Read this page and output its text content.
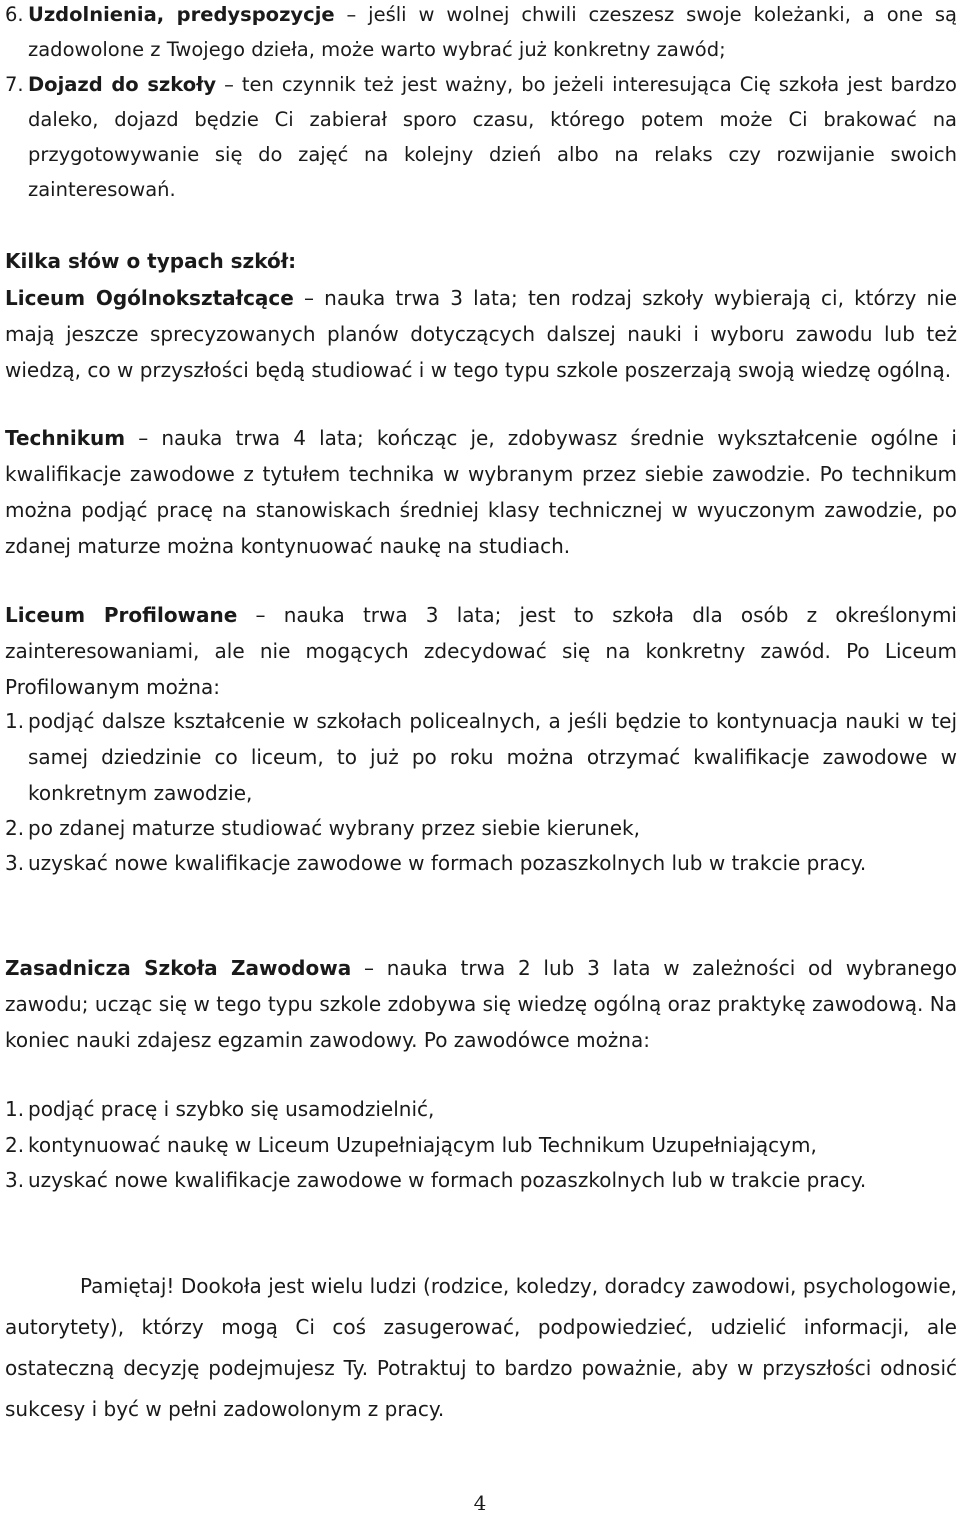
6. Uzdolnienia, predyspozycje – jeśli w wolnej chwili czeszesz swoje koleżanki, a one są zadowolone z Twojego dzieła, może warto wybrać już konkretny zawód;
7. Dojazd do szkoły – ten czynnik też jest ważny, bo jeżeli interesująca Cię szkoła jest bardzo daleko, dojazd będzie Ci zabierał sporo czasu, którego potem może Ci brakować na przygotowywanie się do zajęć na kolejny dzień albo na relaks czy rozwijanie swoich zainteresowań.

Kilka słów o typach szkół:

Liceum Ogólnokształcące – nauka trwa 3 lata; ten rodzaj szkoły wybierają ci, którzy nie mają jeszcze sprecyzowanych planów dotyczących dalszej nauki i wyboru zawodu lub też wiedzą, co w przyszłości będą studiować i w tego typu szkole poszerzają swoją wiedzę ogólną.

Technikum – nauka trwa 4 lata; kończąc je, zdobywasz średnie wykształcenie ogólne i kwalifikacje zawodowe z tytułem technika w wybranym przez siebie zawodzie. Po technikum można podjąć pracę na stanowiskach średniej klasy technicznej w wyuczonym zawodzie, po zdanej maturze można kontynuować naukę na studiach.

Liceum Profilowane – nauka trwa 3 lata; jest to szkoła dla osób z określonymi zainteresowaniami, ale nie mogących zdecydować się na konkretny zawód. Po Liceum Profilowanym można:

1. podjąć dalsze kształcenie w szkołach policealnych, a jeśli będzie to kontynuacja nauki w tej samej dziedzinie co liceum, to już po roku można otrzymać kwalifikacje zawodowe w konkretnym zawodzie,
2. po zdanej maturze studiować wybrany przez siebie kierunek,
3. uzyskać nowe kwalifikacje zawodowe w formach pozaszkolnych lub w trakcie pracy.

Zasadnicza Szkoła Zawodowa – nauka trwa 2 lub 3 lata w zależności od wybranego zawodu; ucząc się w tego typu szkole zdobywa się wiedzę ogólną oraz praktykę zawodową. Na koniec nauki zdajesz egzamin zawodowy. Po zawodówce można:

1. podjąć pracę i szybko się usamodzielnić,
2. kontynuować naukę w Liceum Uzupełniającym lub Technikum Uzupełniającym,
3. uzyskać nowe kwalifikacje zawodowe w formach pozaszkolnych lub w trakcie pracy.

Pamiętaj! Dookoła jest wielu ludzi (rodzice, koledzy, doradcy zawodowi, psychologowie, autorytety), którzy mogą Ci coś zasugerować, podpowiedzieć, udzielić informacji, ale ostateczną decyzję podejmujesz Ty. Potraktuj to bardzo poważnie, aby w przyszłości odnosić sukcesy i być w pełni zadowolonym z pracy.

4
